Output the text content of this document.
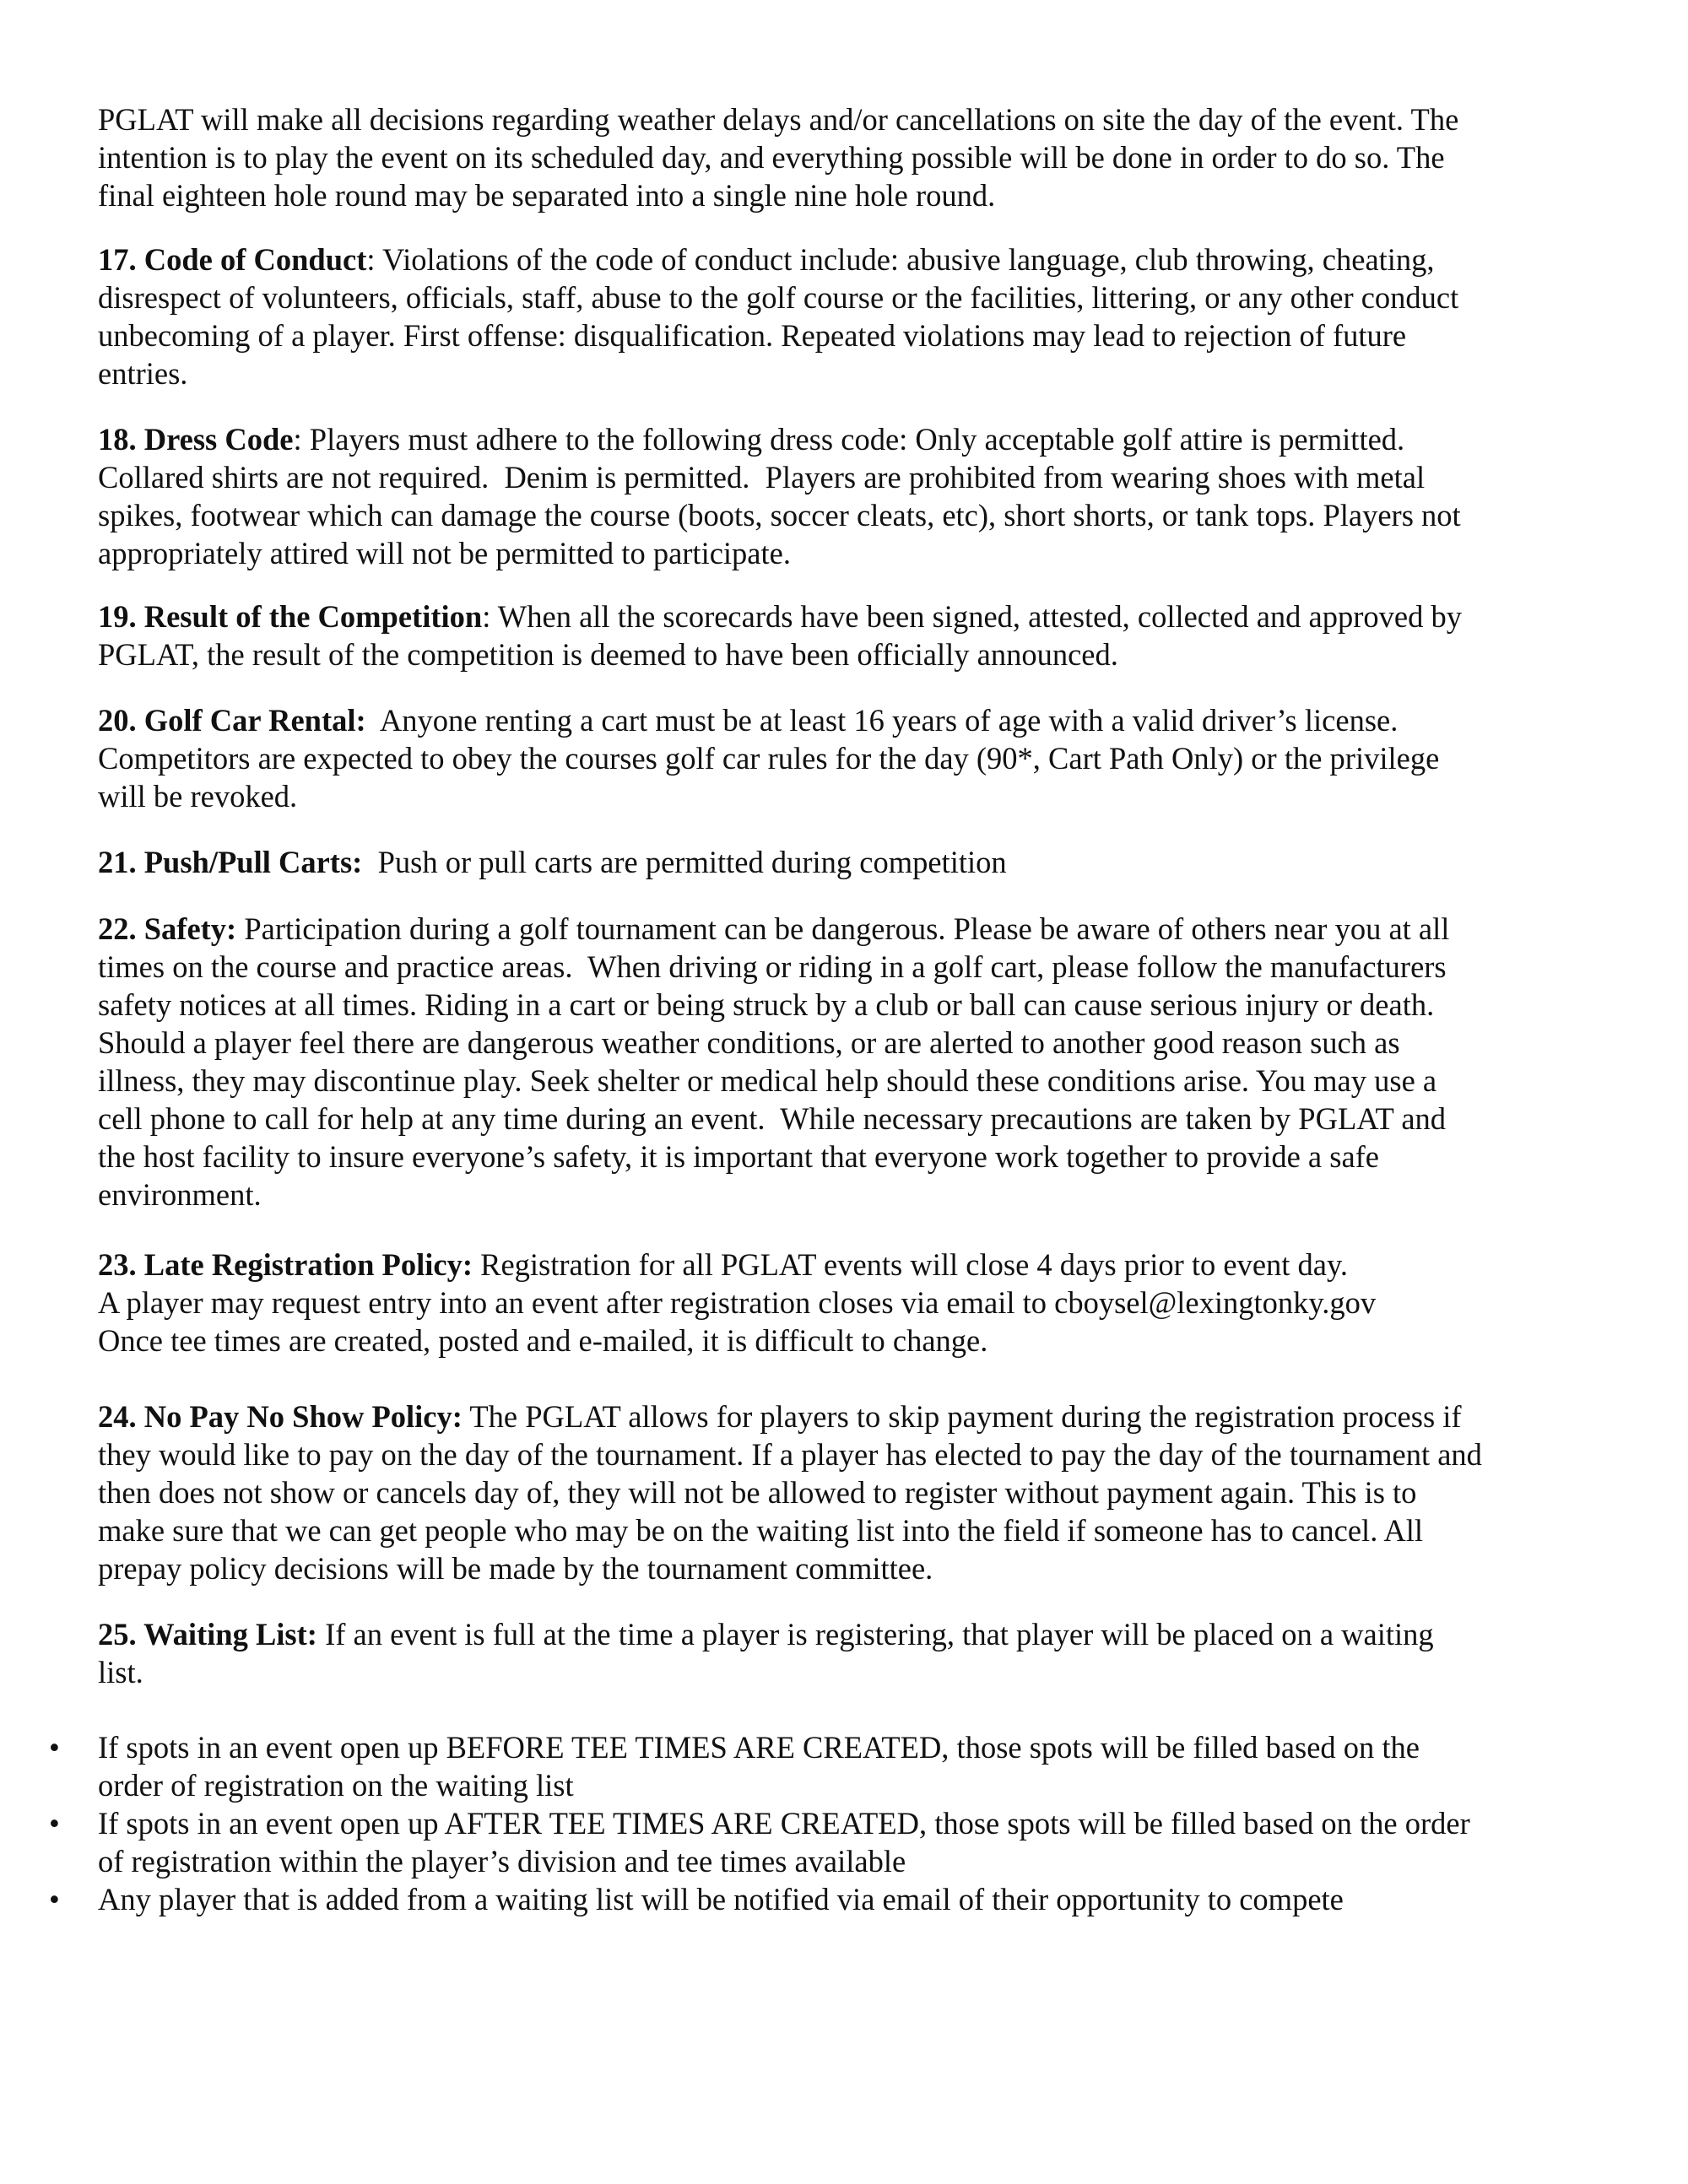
PGLAT will make all decisions regarding weather delays and/or cancellations on site the day of the event. The
intention is to play the event on its scheduled day, and everything possible will be done in order to do so. The
final eighteen hole round may be separated into a single nine hole round.
17. Code of Conduct: Violations of the code of conduct include: abusive language, club throwing, cheating,
disrespect of volunteers, officials, staff, abuse to the golf course or the facilities, littering, or any other conduct
unbecoming of a player. First offense: disqualification. Repeated violations may lead to rejection of future
entries.
18. Dress Code: Players must adhere to the following dress code: Only acceptable golf attire is permitted.
Collared shirts are not required.  Denim is permitted.  Players are prohibited from wearing shoes with metal
spikes, footwear which can damage the course (boots, soccer cleats, etc), short shorts, or tank tops. Players not
appropriately attired will not be permitted to participate.
19. Result of the Competition: When all the scorecards have been signed, attested, collected and approved by
PGLAT, the result of the competition is deemed to have been officially announced.
20. Golf Car Rental:  Anyone renting a cart must be at least 16 years of age with a valid driver’s license.
Competitors are expected to obey the courses golf car rules for the day (90*, Cart Path Only) or the privilege
will be revoked.
21. Push/Pull Carts:  Push or pull carts are permitted during competition
22. Safety: Participation during a golf tournament can be dangerous. Please be aware of others near you at all
times on the course and practice areas.  When driving or riding in a golf cart, please follow the manufacturers
safety notices at all times. Riding in a cart or being struck by a club or ball can cause serious injury or death.
Should a player feel there are dangerous weather conditions, or are alerted to another good reason such as
illness, they may discontinue play. Seek shelter or medical help should these conditions arise. You may use a
cell phone to call for help at any time during an event.  While necessary precautions are taken by PGLAT and
the host facility to insure everyone’s safety, it is important that everyone work together to provide a safe
environment.
23. Late Registration Policy: Registration for all PGLAT events will close 4 days prior to event day.
A player may request entry into an event after registration closes via email to cboysel@lexingtonky.gov
Once tee times are created, posted and e-mailed, it is difficult to change.
24. No Pay No Show Policy: The PGLAT allows for players to skip payment during the registration process if
they would like to pay on the day of the tournament. If a player has elected to pay the day of the tournament and
then does not show or cancels day of, they will not be allowed to register without payment again. This is to
make sure that we can get people who may be on the waiting list into the field if someone has to cancel. All
prepay policy decisions will be made by the tournament committee.
25. Waiting List: If an event is full at the time a player is registering, that player will be placed on a waiting
list.
• If spots in an event open up BEFORE TEE TIMES ARE CREATED, those spots will be filled based on the
order of registration on the waiting list
• If spots in an event open up AFTER TEE TIMES ARE CREATED, those spots will be filled based on the order
of registration within the player’s division and tee times available
• Any player that is added from a waiting list will be notified via email of their opportunity to compete
